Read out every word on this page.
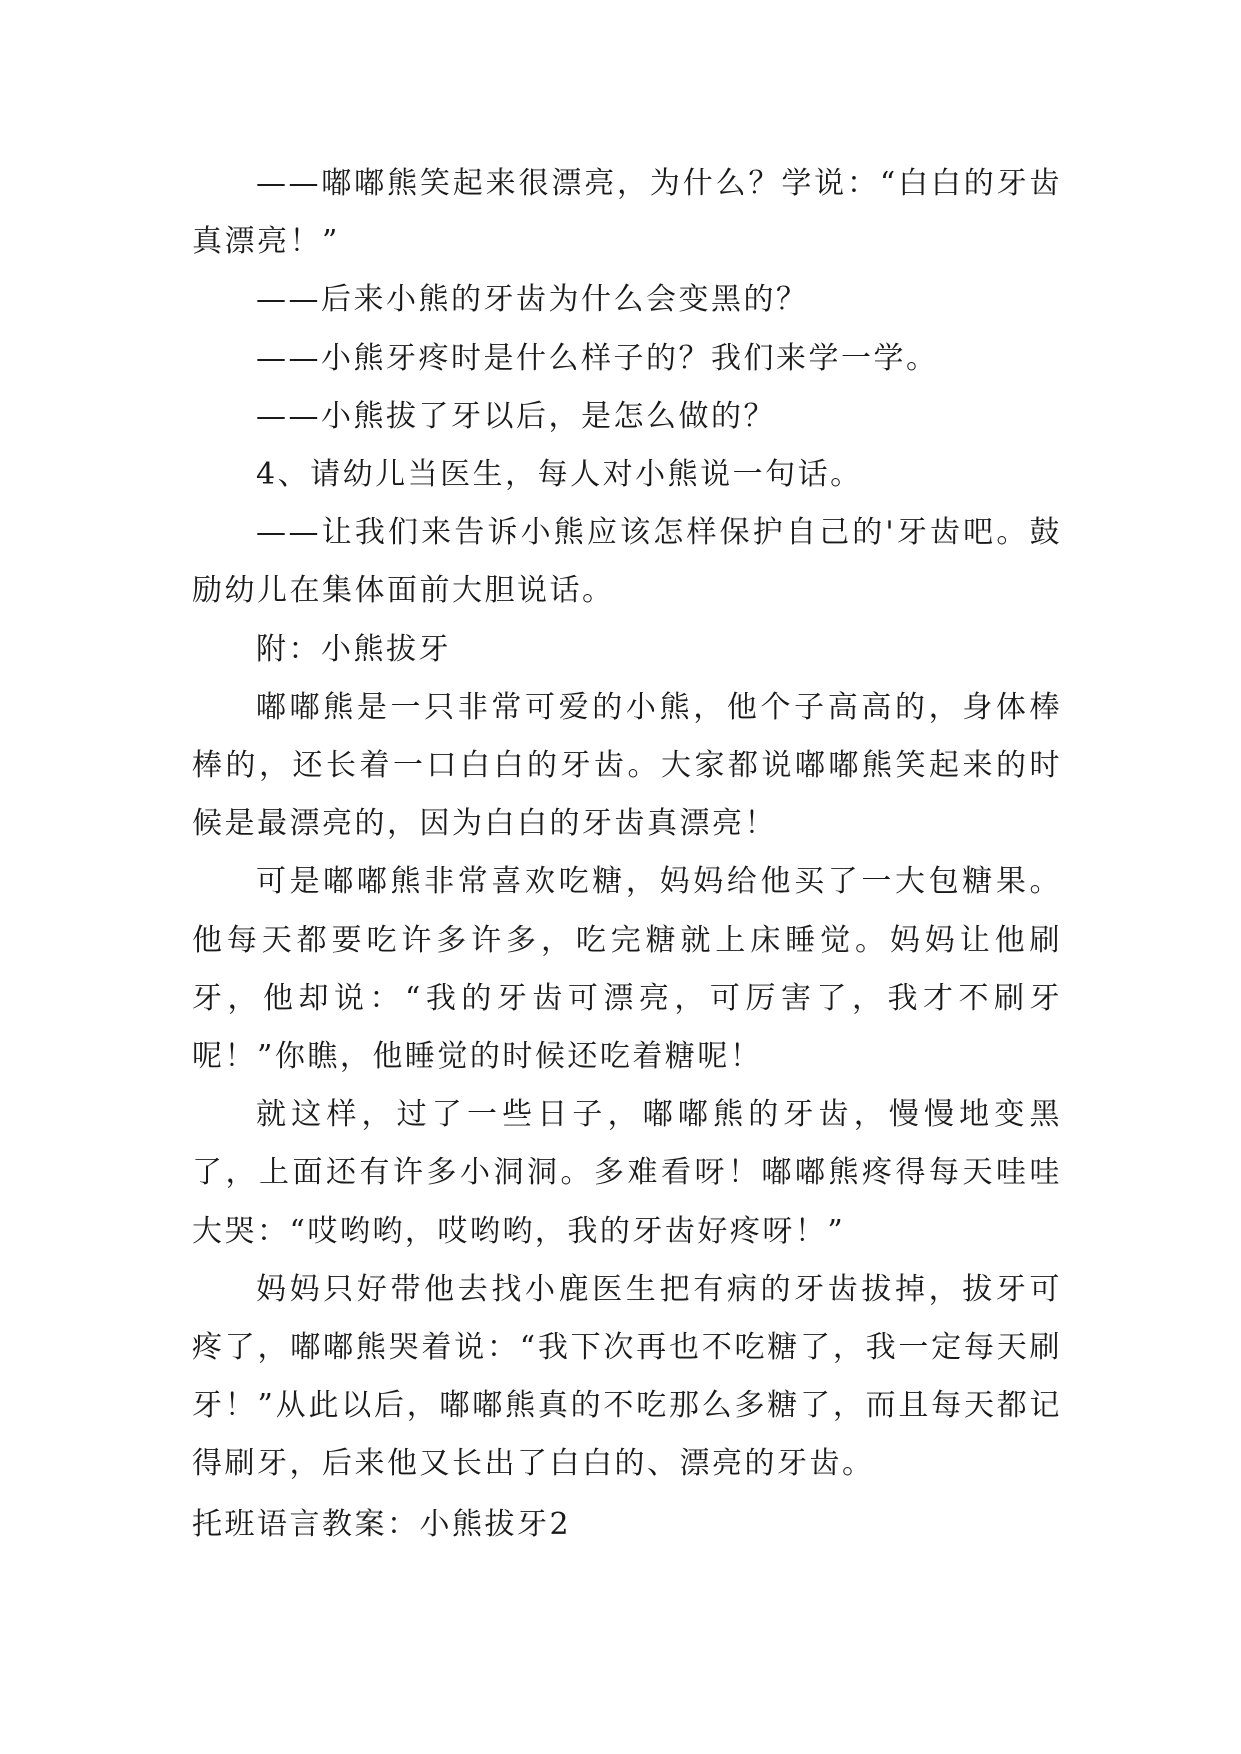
——嘟嘟熊笑起来很漂亮，为什么？学说：“白白的牙齿真漂亮！”

——后来小熊的牙齿为什么会变黑的？

——小熊牙疼时是什么样子的？我们来学一学。

——小熊拔了牙以后，是怎么做的？

4、请幼儿当医生，每人对小熊说一句话。

——让我们来告诉小熊应该怎样保护自己的'牙齿吧。鼓励幼儿在集体面前大胆说话。

附：小熊拔牙

嘟嘟熊是一只非常可爱的小熊，他个子高高的，身体棒棒的，还长着一口白白的牙齿。大家都说嘟嘟熊笑起来的时候是最漂亮的，因为白白的牙齿真漂亮！

可是嘟嘟熊非常喜欢吃糖，妈妈给他买了一大包糖果。他每天都要吃许多许多，吃完糖就上床睡觉。妈妈让他刷牙，他却说：“我的牙齿可漂亮，可厉害了，我才不刷牙呢！”你瞧，他睡觉的时候还吃着糖呢！

就这样，过了一些日子，嘟嘟熊的牙齿，慢慢地变黑了，上面还有许多小洞洞。多难看呀！嘟嘟熊疼得每天哇哇大哭：“哎哟哟，哎哟哟，我的牙齿好疼呀！”

妈妈只好带他去找小鹿医生把有病的牙齿拔掉，拔牙可疼了，嘟嘟熊哭着说：“我下次再也不吃糖了，我一定每天刷牙！”从此以后，嘟嘟熊真的不吃那么多糖了，而且每天都记得刷牙，后来他又长出了白白的、漂亮的牙齿。

托班语言教案：小熊拔牙2
